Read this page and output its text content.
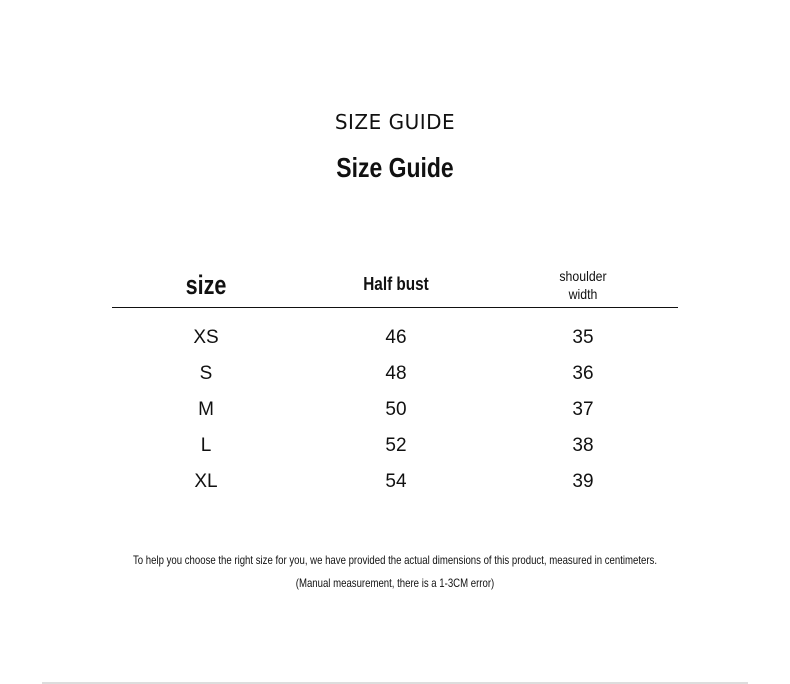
SIZE GUIDE
Size Guide
size	Half bust	shoulder
width
XS	46	35
S	48	36
M	50	37
L	52	38
XL	54	39
To help you choose the right size for you, we have provided the actual dimensions of this product, measured in centimeters.
(Manual measurement, there is a 1-3CM error)
